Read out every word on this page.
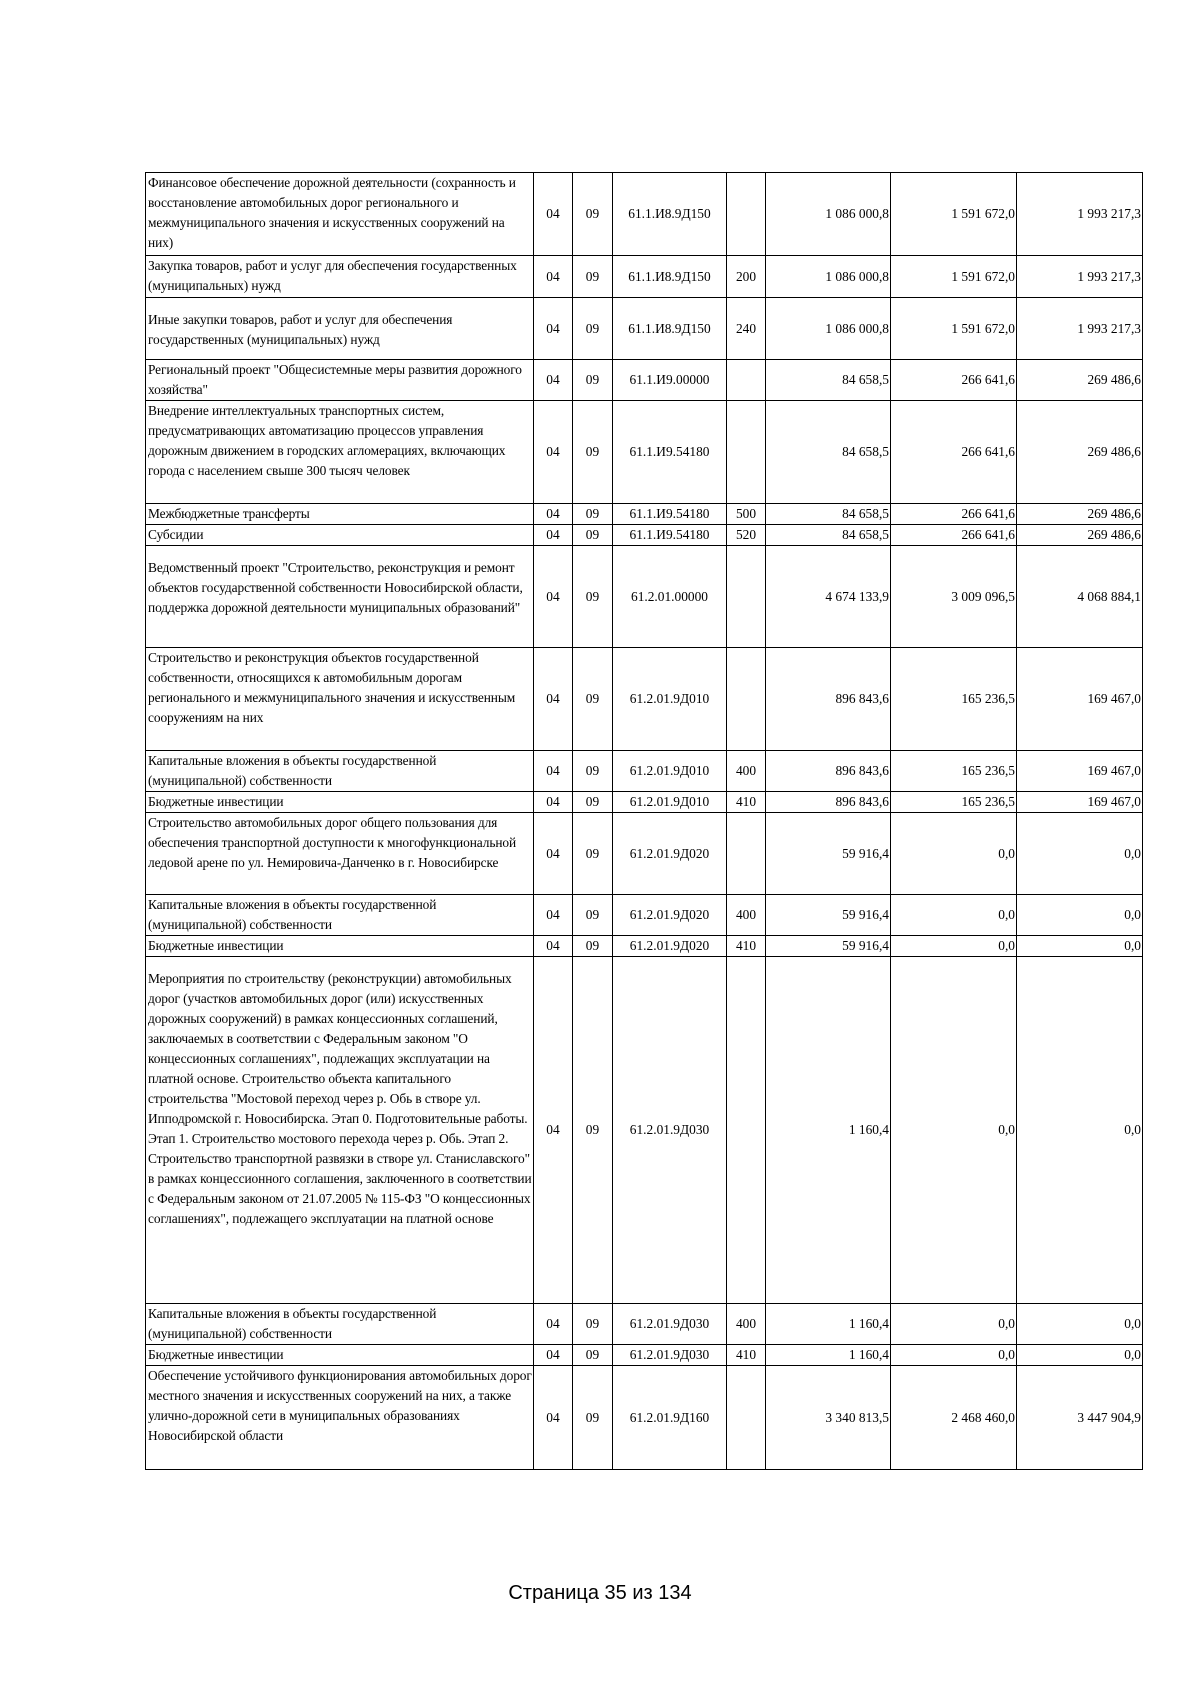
Финансовое обеспечение дорожной деятельности (сохранность и восстановление автомобильных дорог регионального и межмуниципального значения и искусственных сооружений на них)	04	09	61.1.И8.9Д150		1 086 000,8	1 591 672,0	1 993 217,3
Закупка товаров, работ и услуг для обеспечения государственных (муниципальных) нужд	04	09	61.1.И8.9Д150	200	1 086 000,8	1 591 672,0	1 993 217,3
Иные закупки товаров, работ и услуг для обеспечения государственных (муниципальных) нужд	04	09	61.1.И8.9Д150	240	1 086 000,8	1 591 672,0	1 993 217,3
Региональный проект "Общесистемные меры развития дорожного хозяйства"	04	09	61.1.И9.00000		84 658,5	266 641,6	269 486,6
Внедрение интеллектуальных транспортных систем, предусматривающих автоматизацию процессов управления дорожным движением в городских агломерациях, включающих города с населением свыше 300 тысяч человек	04	09	61.1.И9.54180		84 658,5	266 641,6	269 486,6
Межбюджетные трансферты	04	09	61.1.И9.54180	500	84 658,5	266 641,6	269 486,6
Субсидии	04	09	61.1.И9.54180	520	84 658,5	266 641,6	269 486,6
Ведомственный проект "Строительство, реконструкция и ремонт объектов государственной собственности Новосибирской области, поддержка дорожной деятельности муниципальных образований"	04	09	61.2.01.00000		4 674 133,9	3 009 096,5	4 068 884,1
Строительство и реконструкция объектов государственной собственности, относящихся к автомобильным дорогам регионального и межмуниципального значения и искусственным сооружениям на них	04	09	61.2.01.9Д010		896 843,6	165 236,5	169 467,0
Капитальные вложения в объекты государственной (муниципальной) собственности	04	09	61.2.01.9Д010	400	896 843,6	165 236,5	169 467,0
Бюджетные инвестиции	04	09	61.2.01.9Д010	410	896 843,6	165 236,5	169 467,0
Строительство автомобильных дорог общего пользования для обеспечения транспортной доступности к многофункциональной ледовой арене по ул. Немировича-Данченко в г. Новосибирске	04	09	61.2.01.9Д020		59 916,4	0,0	0,0
Капитальные вложения в объекты государственной (муниципальной) собственности	04	09	61.2.01.9Д020	400	59 916,4	0,0	0,0
Бюджетные инвестиции	04	09	61.2.01.9Д020	410	59 916,4	0,0	0,0
Мероприятия по строительству (реконструкции) автомобильных дорог (участков автомобильных дорог (или) искусственных дорожных сооружений) в рамках концессионных соглашений, заключаемых в соответствии с Федеральным законом "О концессионных соглашениях", подлежащих эксплуатации на платной основе. Строительство объекта капитального строительства "Мостовой переход через р. Обь в створе ул. Ипподромской г. Новосибирска. Этап 0. Подготовительные работы. Этап 1. Строительство мостового перехода через р. Обь. Этап 2. Строительство транспортной развязки в створе ул. Станиславского" в рамках концессионного соглашения, заключенного в соответствии с Федеральным законом от 21.07.2005 № 115-ФЗ "О концессионных соглашениях", подлежащего эксплуатации на платной основе	04	09	61.2.01.9Д030		1 160,4	0,0	0,0
Капитальные вложения в объекты государственной (муниципальной) собственности	04	09	61.2.01.9Д030	400	1 160,4	0,0	0,0
Бюджетные инвестиции	04	09	61.2.01.9Д030	410	1 160,4	0,0	0,0
Обеспечение устойчивого функционирования автомобильных дорог местного значения и искусственных сооружений на них, а также улично-дорожной сети в муниципальных образованиях Новосибирской области	04	09	61.2.01.9Д160		3 340 813,5	2 468 460,0	3 447 904,9
Страница 35 из 134
